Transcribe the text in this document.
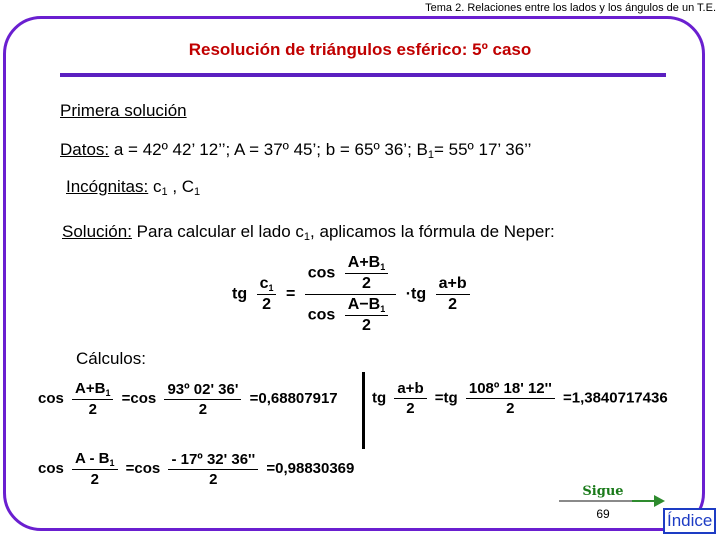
Tema 2. Relaciones entre los lados y los ángulos de un T.E.
Resolución de triángulos esférico: 5º caso
Primera solución
Datos: a = 42º 42’ 12’’; A = 37º 45’; b = 65º 36’; $B_1=$ 55º 17’ 36’’
Incógnitas: $c_1$ , $C_1$
Solución: Para calcular el lado $c_1$, aplicamos la fórmula de Neper:
tg $\frac{c1}{2} = \frac{\cos \frac{A+B1}{2}}{\cos \frac{A-B1}{2}} \cdot tg \frac{a+b}{2}$
Cálculos:
$\cos \frac{A+B_1}{2} =\cos \frac{\text{93º 02' 36'}}{2} =0,68807917$ tg $\frac{a+b}{2} =tg \frac{\text{108º 18' 12''}}{2} =1,3840717436$
$\cos \frac{A - B_1}{2} =\cos \frac{\text{- 17º 32' 36''}}{2} =0,98830369$
Sigue
69	Índice
